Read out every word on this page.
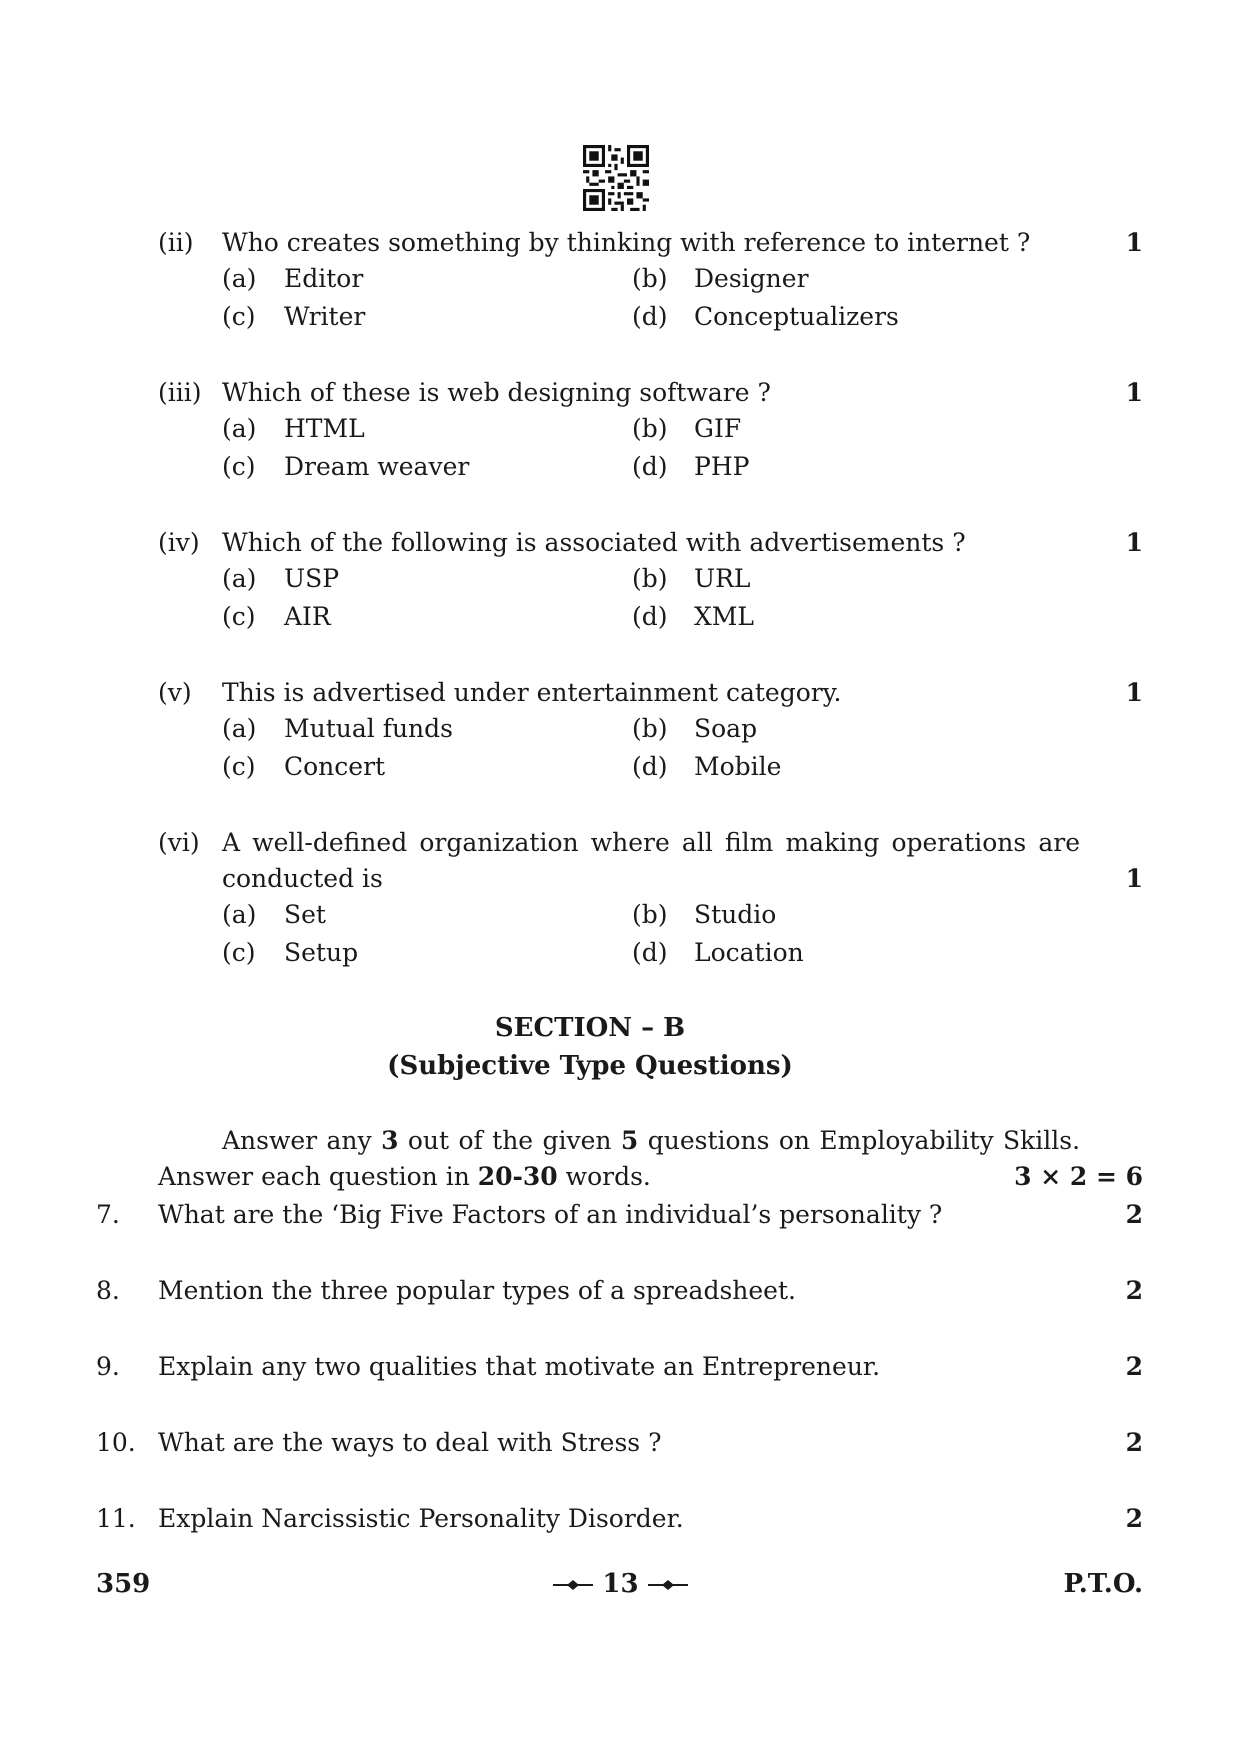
(ii) Who creates something by thinking with reference to internet ?	1
(a) Editor	(b) Designer
(c) Writer	(d) Conceptualizers
(iii) Which of these is web designing software ?	1
(a) HTML	(b) GIF
(c) Dream weaver	(d) PHP
(iv) Which of the following is associated with advertisements ?	1
(a) USP	(b) URL
(c) AIR	(d) XML
(v) This is advertised under entertainment category.	1
(a) Mutual funds	(b) Soap
(c) Concert	(d) Mobile
(vi) A well-defined organization where all film making operations are
conducted is	1
(a) Set	(b) Studio
(c) Setup	(d) Location
SECTION – B
(Subjective Type Questions)
Answer any 3 out of the given 5 questions on Employability Skills.
Answer each question in 20-30 words.	3 × 2 = 6
7. What are the ‘Big Five Factors of an individual’s personality ?	2
8. Mention the three popular types of a spreadsheet.	2
9. Explain any two qualities that motivate an Entrepreneur.	2
10. What are the ways to deal with Stress ?	2
11. Explain Narcissistic Personality Disorder.	2
359	13	P.T.O.
